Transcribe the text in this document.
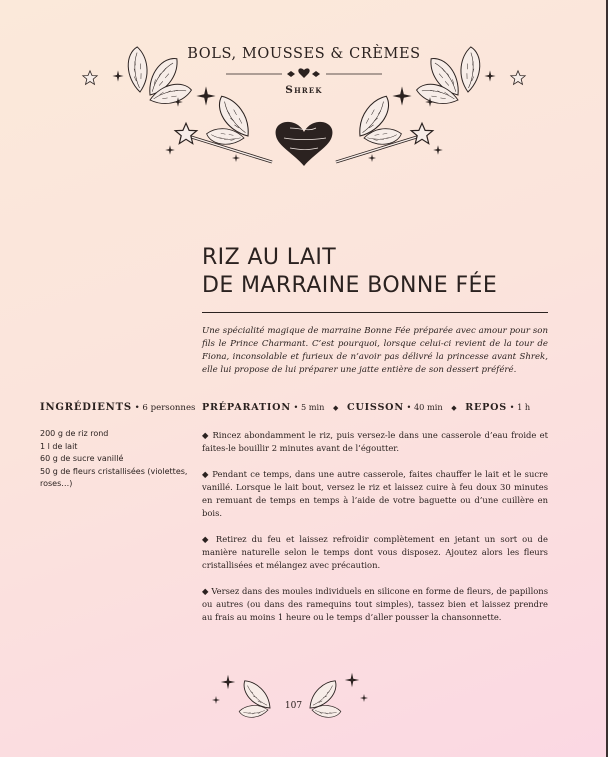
BOLS, MOUSSES & CRÈMES
Shrek
RIZ AU LAIT
DE MARRAINE BONNE FÉE
Une spécialité magique de marraine Bonne Fée préparée avec amour pour son fils le Prince Charmant. C’est pourquoi, lorsque celui-ci revient de la tour de Fiona, inconsolable et furieux de n’avoir pas délivré la princesse avant Shrek, elle lui propose de lui préparer une jatte entière de son dessert préféré.
INGRÉDIENTS • 6 personnes
200 g de riz rond
1 l de lait
60 g de sucre vanillé
50 g de fleurs cristallisées (violettes, roses…)
PRÉPARATION • 5 min ◆ CUISSON • 40 min ◆ REPOS • 1 h

◆ Rincez abondamment le riz, puis versez-le dans une casserole d’eau froide et faites-le bouillir 2 minutes avant de l’égoutter.

◆ Pendant ce temps, dans une autre casserole, faites chauffer le lait et le sucre vanillé. Lorsque le lait bout, versez le riz et laissez cuire à feu doux 30 minutes en remuant de temps en temps à l’aide de votre baguette ou d’une cuillère en bois.

◆ Retirez du feu et laissez refroidir complètement en jetant un sort ou de manière naturelle selon le temps dont vous disposez. Ajoutez alors les fleurs cristallisées et mélangez avec précaution.

◆ Versez dans des moules individuels en silicone en forme de fleurs, de papillons ou autres (ou dans des ramequins tout simples), tassez bien et laissez prendre au frais au moins 1 heure ou le temps d’aller pousser la chansonnette.

107
